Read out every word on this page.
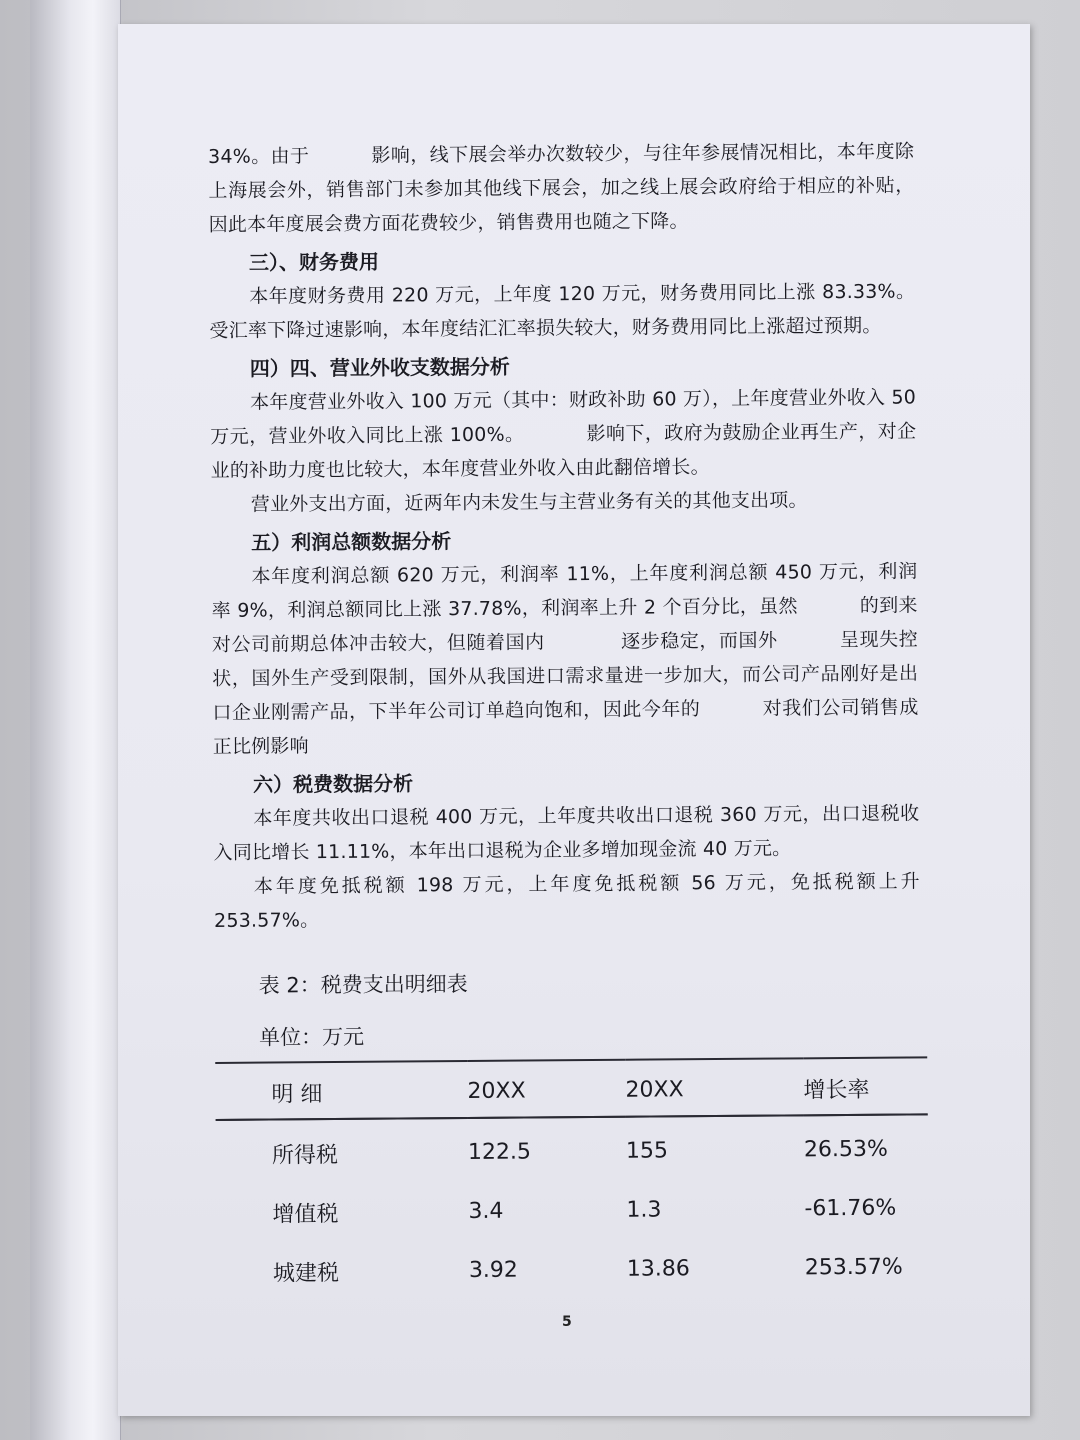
34%。由于	影响，线下展会举办次数较少，与往年参展情况相比，本年度除上海展会外，销售部门未参加其他线下展会，加之线上展会政府给于相应的补贴，因此本年度展会费方面花费较少，销售费用也随之下降。

三）、财务费用

本年度财务费用 220 万元，上年度 120 万元，财务费用同比上涨 83.33%。受汇率下降过速影响，本年度结汇汇率损失较大，财务费用同比上涨超过预期。

四）四、营业外收支数据分析

本年度营业外收入 100 万元（其中：财政补助 60 万），上年度营业外收入 50 万元，营业外收入同比上涨 100%。	影响下，政府为鼓励企业再生产，对企业的补助力度也比较大，本年度营业外收入由此翻倍增长。

营业外支出方面，近两年内未发生与主营业务有关的其他支出项。

五）利润总额数据分析

本年度利润总额 620 万元，利润率 11%，上年度利润总额 450 万元，利润率 9%，利润总额同比上涨 37.78%，利润率上升 2 个百分比，虽然	的到来对公司前期总体冲击较大，但随着国内	逐步稳定，而国外	呈现失控状，国外生产受到限制，国外从我国进口需求量进一步加大，而公司产品刚好是出口企业刚需产品，下半年公司订单趋向饱和，因此今年的	对我们公司销售成正比例影响

六）税费数据分析

本年度共收出口退税 400 万元，上年度共收出口退税 360 万元，出口退税收入同比增长 11.11%，本年出口退税为企业多增加现金流 40 万元。

本年度免抵税额 198 万元，上年度免抵税额 56 万元，免抵税额上升 253.57%。

表 2：税费支出明细表

单位：万元

明 细	20XX	20XX	增长率
所得税	122.5	155	26.53%
增值税	3.4	1.3	-61.76%
城建税	3.92	13.86	253.57%
5
